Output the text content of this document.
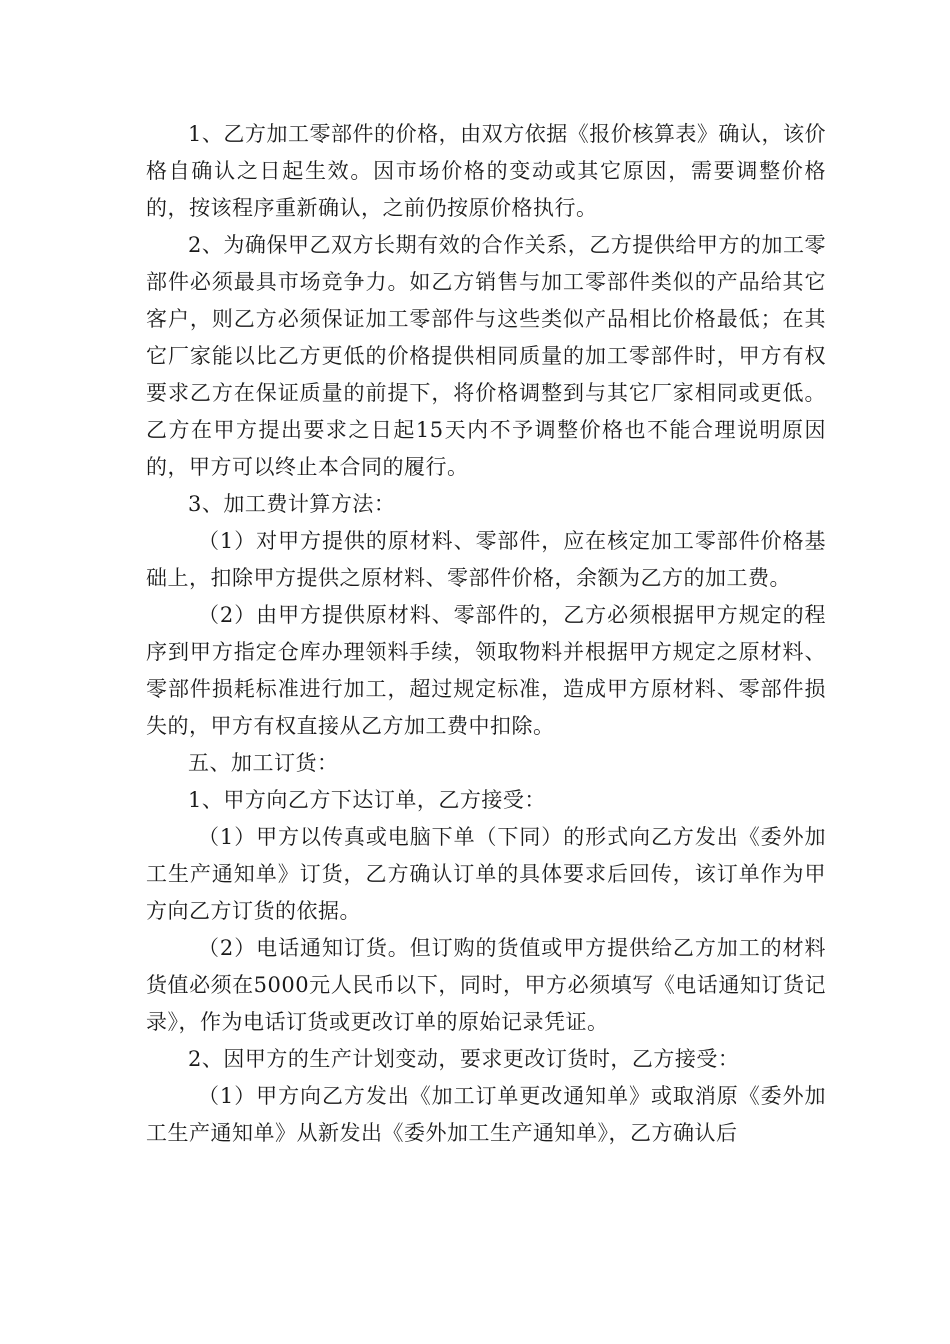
1、乙方加工零部件的价格，由双方依据《报价核算表》确认，该价格自确认之日起生效。因市场价格的变动或其它原因，需要调整价格的，按该程序重新确认，之前仍按原价格执行。

2、为确保甲乙双方长期有效的合作关系，乙方提供给甲方的加工零部件必须最具市场竞争力。如乙方销售与加工零部件类似的产品给其它客户，则乙方必须保证加工零部件与这些类似产品相比价格最低；在其它厂家能以比乙方更低的价格提供相同质量的加工零部件时，甲方有权要求乙方在保证质量的前提下，将价格调整到与其它厂家相同或更低。乙方在甲方提出要求之日起15天内不予调整价格也不能合理说明原因的，甲方可以终止本合同的履行。

3、加工费计算方法：

（1）对甲方提供的原材料、零部件，应在核定加工零部件价格基础上，扣除甲方提供之原材料、零部件价格，余额为乙方的加工费。

（2）由甲方提供原材料、零部件的，乙方必须根据甲方规定的程序到甲方指定仓库办理领料手续，领取物料并根据甲方规定之原材料、零部件损耗标准进行加工，超过规定标准，造成甲方原材料、零部件损失的，甲方有权直接从乙方加工费中扣除。

五、加工订货：

1、甲方向乙方下达订单，乙方接受：

（1）甲方以传真或电脑下单（下同）的形式向乙方发出《委外加工生产通知单》订货，乙方确认订单的具体要求后回传，该订单作为甲方向乙方订货的依据。

（2）电话通知订货。但订购的货值或甲方提供给乙方加工的材料货值必须在5000元人民币以下，同时，甲方必须填写《电话通知订货记录》，作为电话订货或更改订单的原始记录凭证。

2、因甲方的生产计划变动，要求更改订货时，乙方接受：

（1）甲方向乙方发出《加工订单更改通知单》或取消原《委外加工生产通知单》从新发出《委外加工生产通知单》，乙方确认后
